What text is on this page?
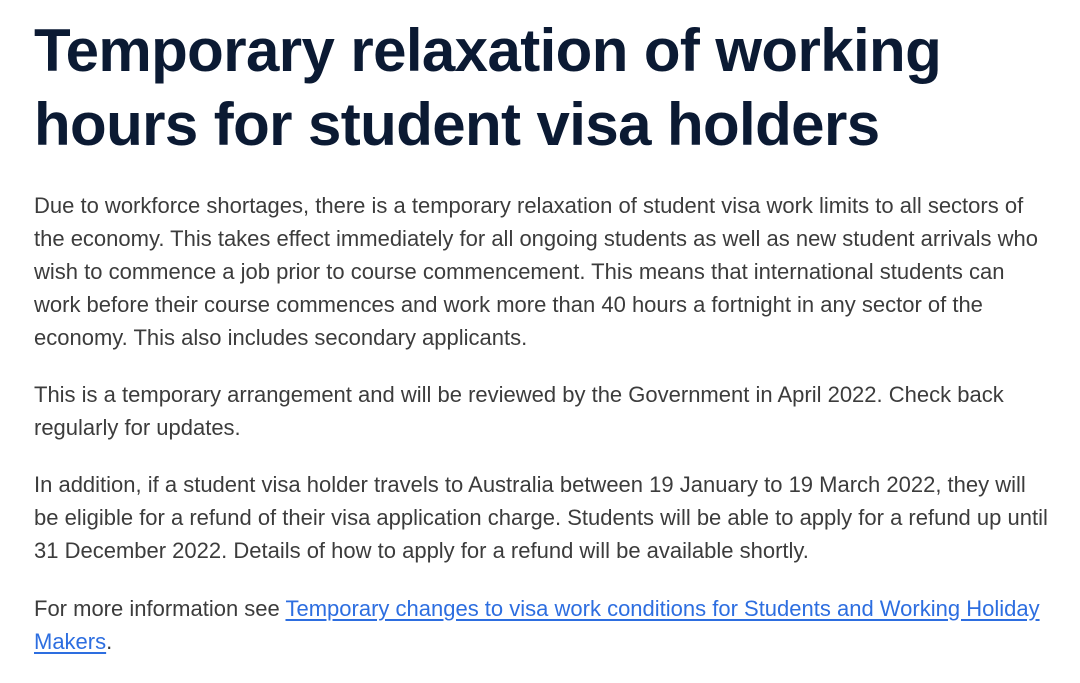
Temporary relaxation of working hours for student visa holders

Due to workforce shortages, there is a temporary relaxation of student visa work limits to all sectors of the economy. This takes effect immediately for all ongoing students as well as new student arrivals who wish to commence a job prior to course commencement. This means that international students can work before their course commences and work more than 40 hours a fortnight in any sector of the economy. This also includes secondary applicants.

This is a temporary arrangement and will be reviewed by the Government in April 2022. Check back regularly for updates.

In addition, if a student visa holder travels to Australia between 19 January to 19 March 2022, they will be eligible for a refund of their visa application charge. Students will be able to apply for a refund up until 31 December 2022. Details of how to apply for a refund will be available shortly.

For more information see Temporary changes to visa work conditions for Students and Working Holiday Makers.
